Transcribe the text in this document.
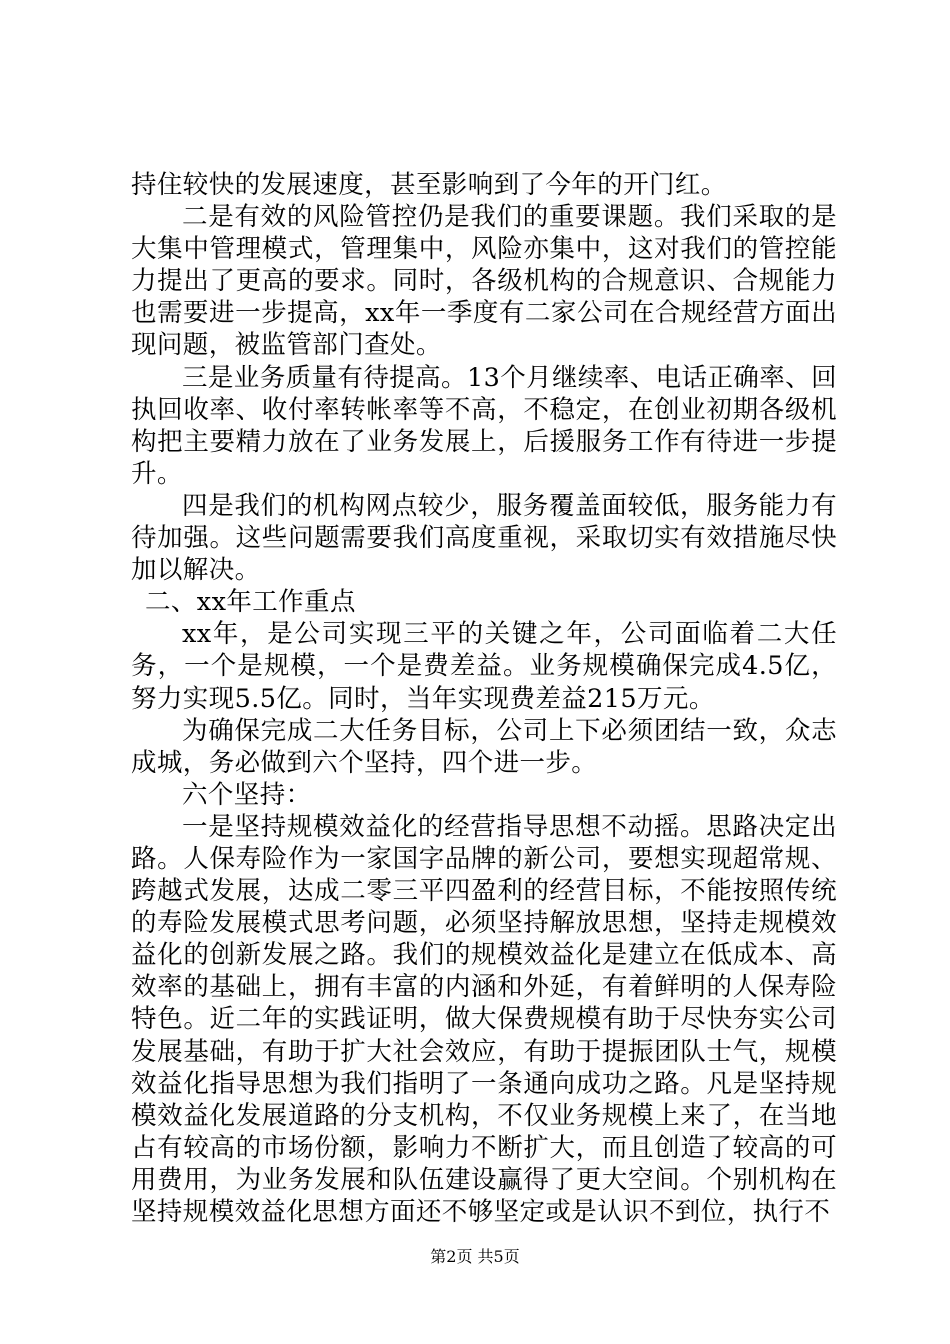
持住较快的发展速度，甚至影响到了今年的开门红。

二是有效的风险管控仍是我们的重要课题。我们采取的是大集中管理模式，管理集中，风险亦集中，这对我们的管控能力提出了更高的要求。同时，各级机构的合规意识、合规能力也需要进一步提高，xx年一季度有二家公司在合规经营方面出现问题，被监管部门查处。

三是业务质量有待提高。13个月继续率、电话正确率、回执回收率、收付率转帐率等不高，不稳定，在创业初期各级机构把主要精力放在了业务发展上，后援服务工作有待进一步提升。

四是我们的机构网点较少，服务覆盖面较低，服务能力有待加强。这些问题需要我们高度重视，采取切实有效措施尽快加以解决。

二、xx年工作重点

xx年，是公司实现三平的关键之年，公司面临着二大任务，一个是规模，一个是费差益。业务规模确保完成4.5亿，努力实现5.5亿。同时，当年实现费差益215万元。

为确保完成二大任务目标，公司上下必须团结一致，众志成城，务必做到六个坚持，四个进一步。

六个坚持：

一是坚持规模效益化的经营指导思想不动摇。思路决定出路。人保寿险作为一家国字品牌的新公司，要想实现超常规、跨越式发展，达成二零三平四盈利的经营目标，不能按照传统的寿险发展模式思考问题，必须坚持解放思想，坚持走规模效益化的创新发展之路。我们的规模效益化是建立在低成本、高效率的基础上，拥有丰富的内涵和外延，有着鲜明的人保寿险特色。近二年的实践证明，做大保费规模有助于尽快夯实公司发展基础，有助于扩大社会效应，有助于提振团队士气，规模效益化指导思想为我们指明了一条通向成功之路。凡是坚持规模效益化发展道路的分支机构，不仅业务规模上来了，在当地占有较高的市场份额，影响力不断扩大，而且创造了较高的可用费用，为业务发展和队伍建设赢得了更大空间。个别机构在坚持规模效益化思想方面还不够坚定或是认识不到位，执行不

第2页 共5页
